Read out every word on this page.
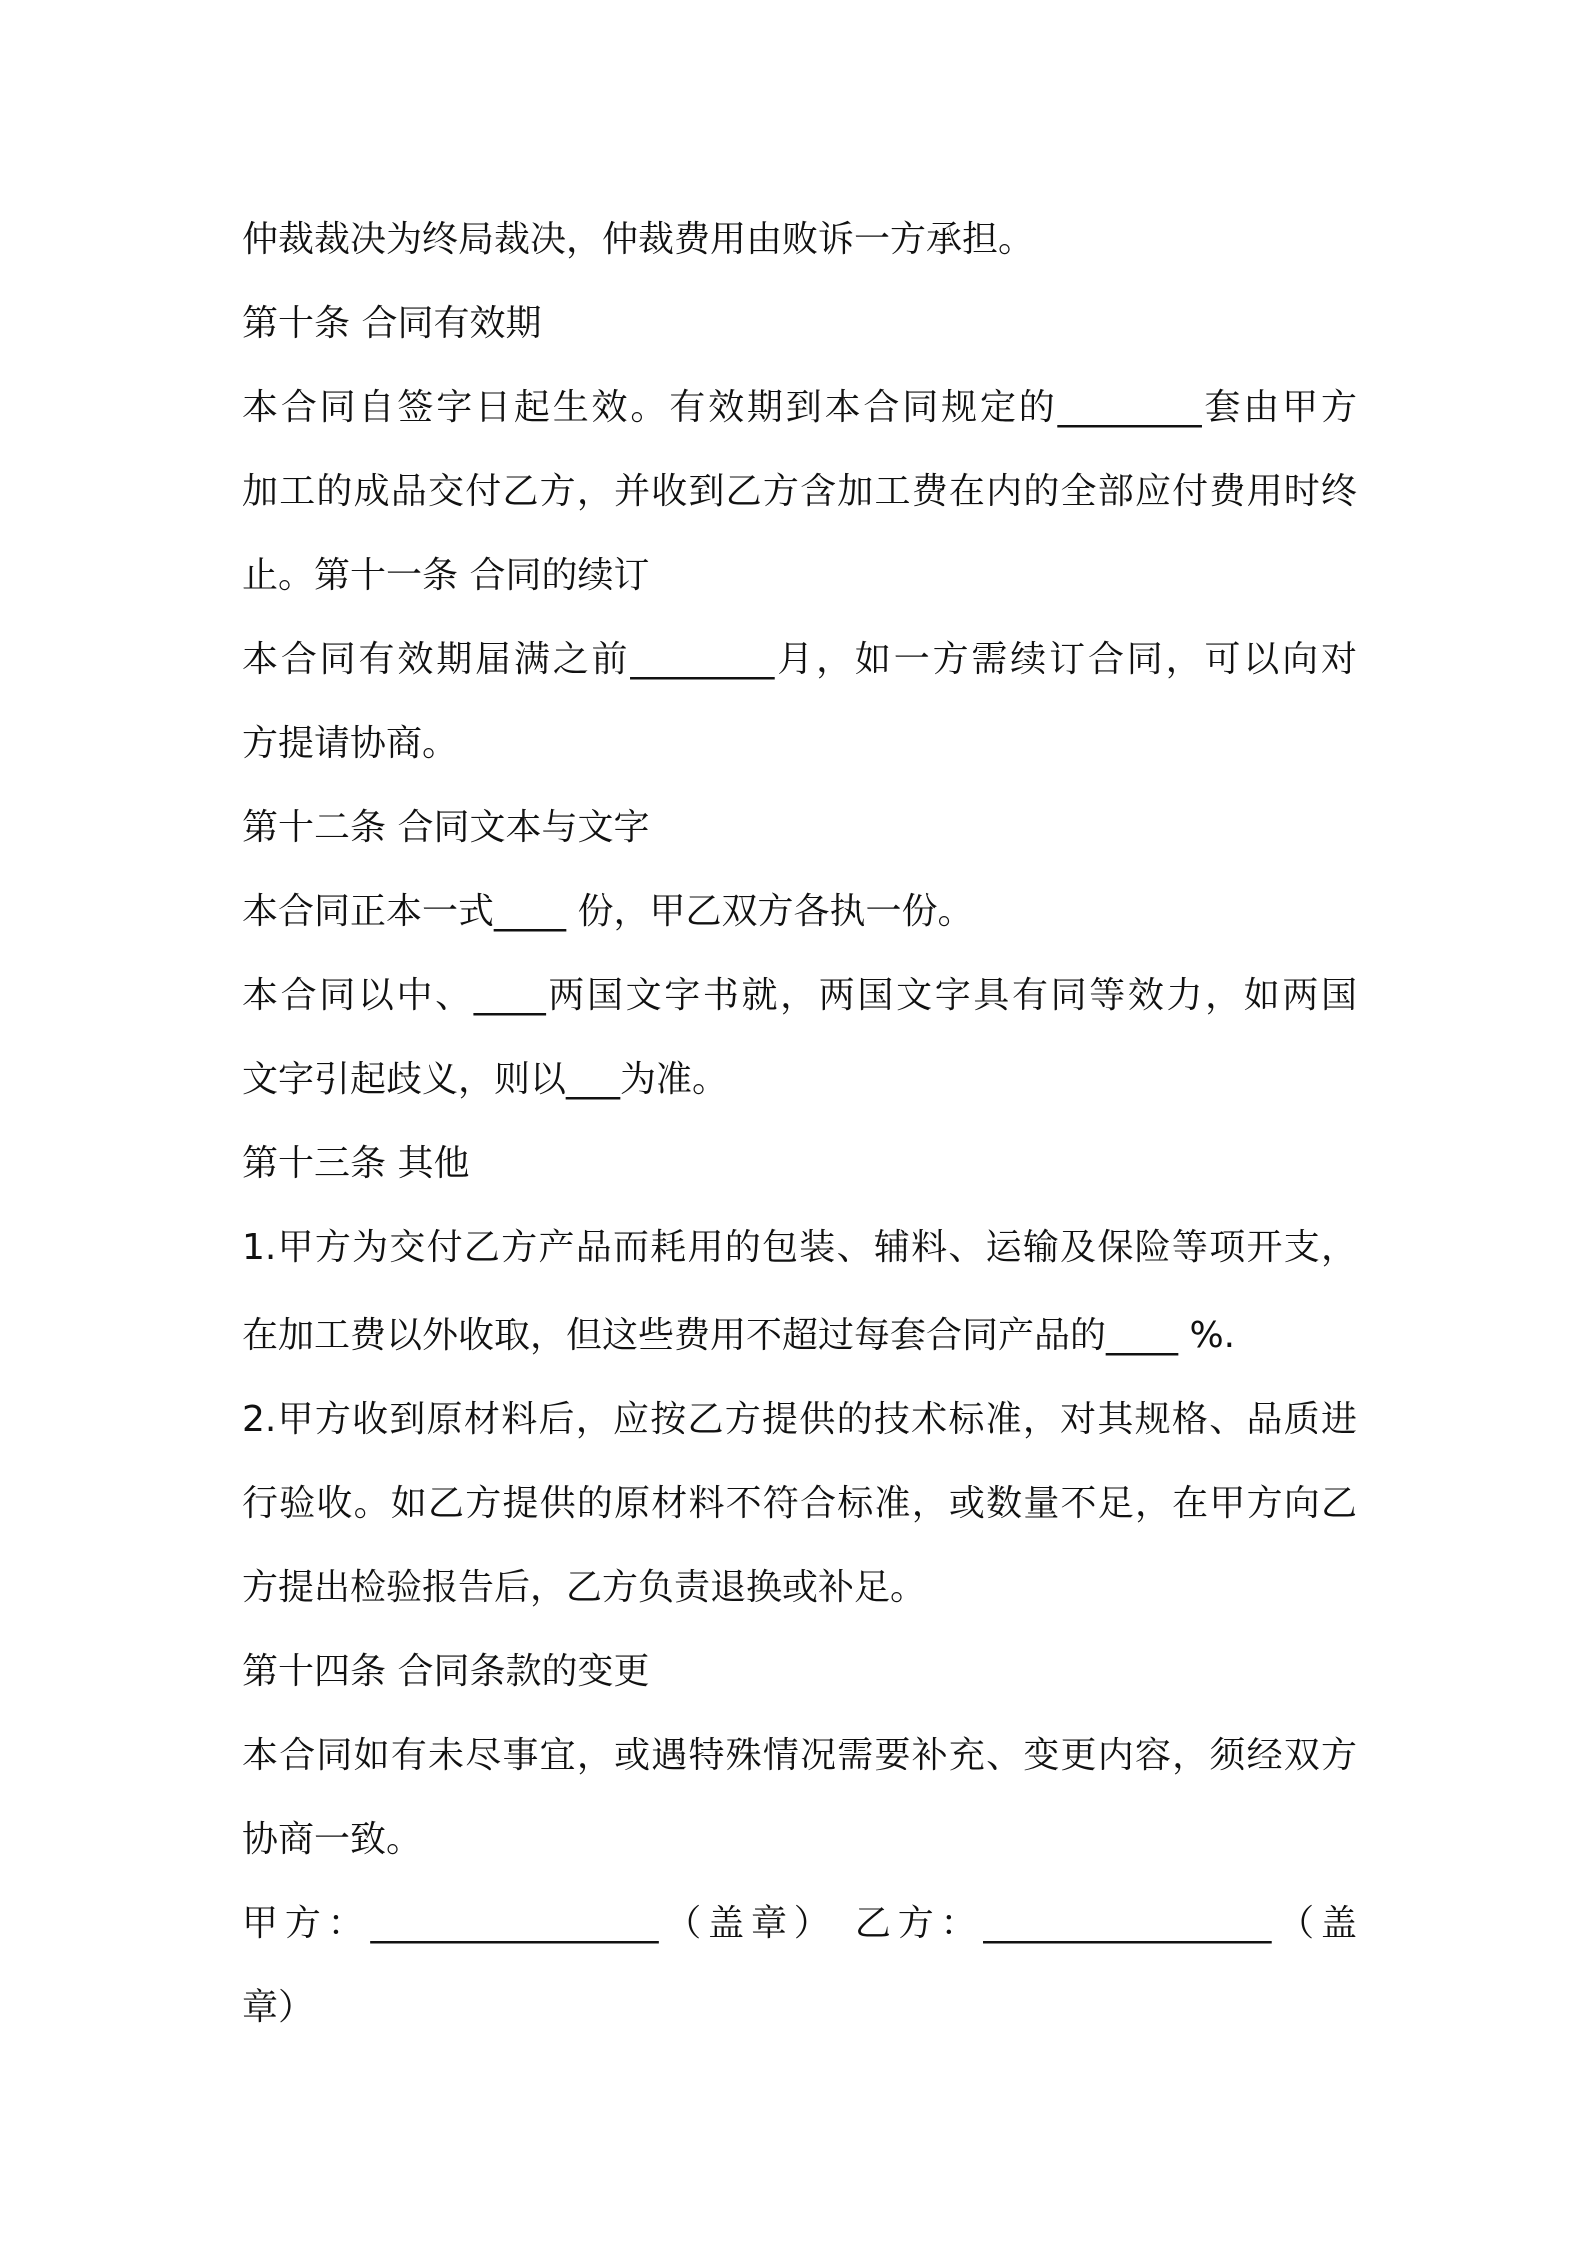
仲裁裁决为终局裁决，仲裁费用由败诉一方承担。

第十条 合同有效期

本合同自签字日起生效。有效期到本合同规定的________套由甲方

加工的成品交付乙方，并收到乙方含加工费在内的全部应付费用时终

止。第十一条 合同的续订

本合同有效期届满之前________月，如一方需续订合同，可以向对

方提请协商。

第十二条 合同文本与文字

本合同正本一式____ 份，甲乙双方各执一份。

本合同以中、____两国文字书就，两国文字具有同等效力，如两国

文字引起歧义，则以___为准。

第十三条 其他

1.甲方为交付乙方产品而耗用的包装、辅料、运输及保险等项开支，

在加工费以外收取，但这些费用不超过每套合同产品的____ %.

2.甲方收到原材料后，应按乙方提供的技术标准，对其规格、品质进

行验收。如乙方提供的原材料不符合标准，或数量不足，在甲方向乙

方提出检验报告后，乙方负责退换或补足。

第十四条 合同条款的变更

本合同如有未尽事宜，或遇特殊情况需要补充、变更内容，须经双方

协商一致。

甲方：________________（盖章） 乙方：________________（盖

章）
